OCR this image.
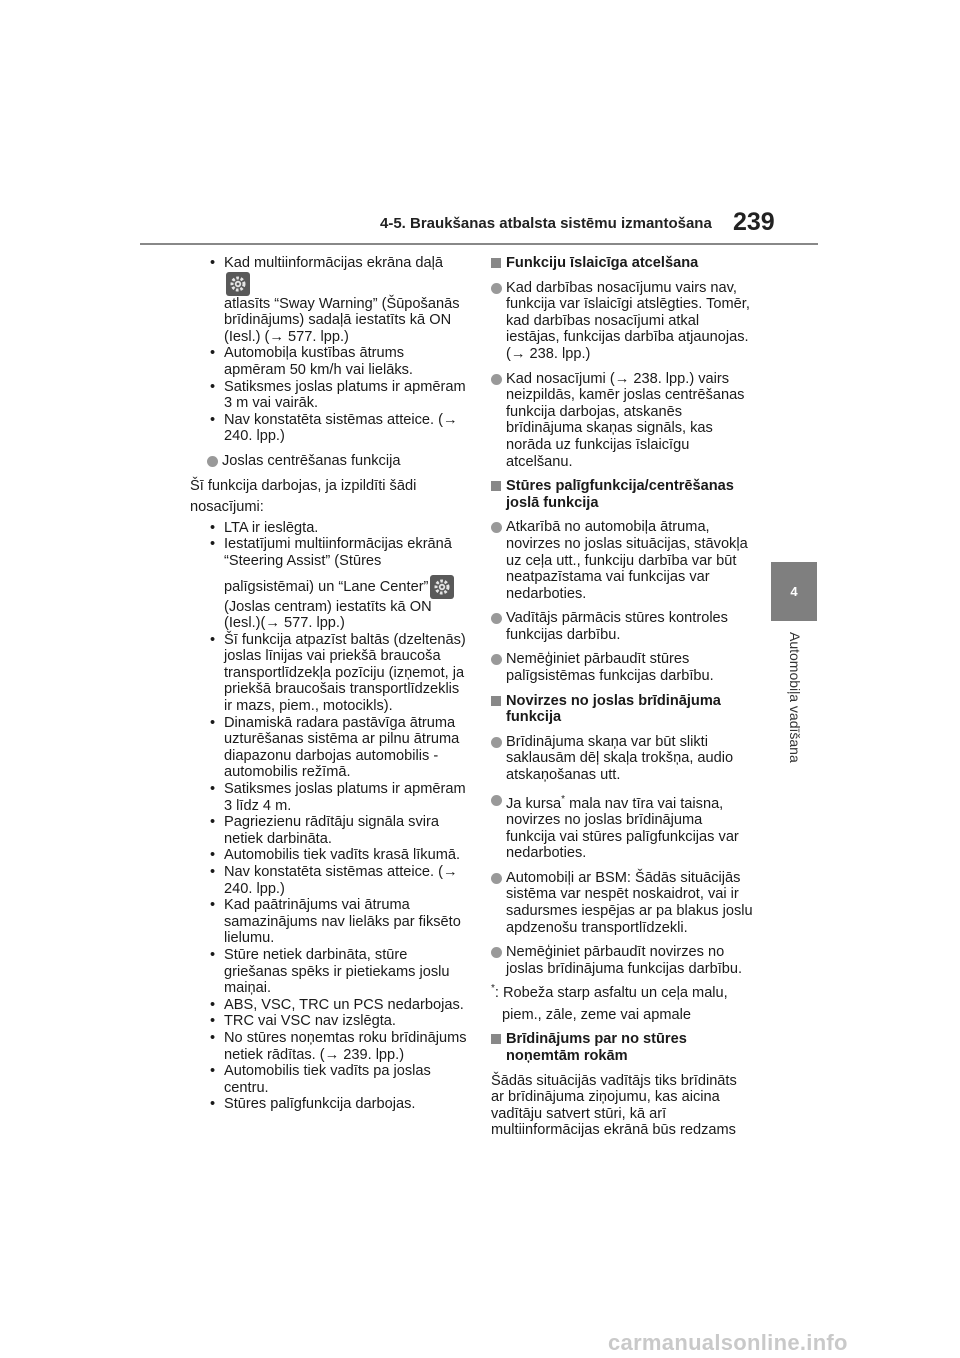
4-5. Braukšanas atbalsta sistēmu izmantošana 239
4
Automobiļa vadīšana
• Kad multiinformācijas ekrāna daļā
atlasīts “Sway Warning” (Šūpošanās
brīdinājums) sadaļā iestatīts kā ON
(Iesl.) (→ 577. lpp.)
• Automobiļa kustības ātrums apmēram 50 km/h vai lielāks.
• Satiksmes joslas platums ir apmēram 3 m vai vairāk.
• Nav konstatēta sistēmas atteice. (→ 240. lpp.)
Joslas centrēšanas funkcija
Šī funkcija darbojas, ja izpildīti šādi
nosacījumi:
• LTA ir ieslēgta.
• Iestatījumi multiinformācijas ekrānā “Steering Assist” (Stūres
palīgsistēmai) un “Lane Center”
(Joslas centram) iestatīts kā ON (Iesl.)(→ 577. lpp.)
• Šī funkcija atpazīst baltās (dzeltenās) joslas līnijas vai priekšā braucoša transportlīdzekļa pozīciju (izņemot, ja priekšā braucošais transportlīdzeklis ir mazs, piem., motocikls).
• Dinamiskā radara pastāvīga ātruma uzturēšanas sistēma ar pilnu ātruma diapazonu darbojas automobilis - automobilis režīmā.
• Satiksmes joslas platums ir apmēram 3 līdz 4 m.
• Pagriezienu rādītāju signāla svira netiek darbināta.
• Automobilis tiek vadīts krasā līkumā.
• Nav konstatēta sistēmas atteice. (→ 240. lpp.)
• Kad paātrinājums vai ātruma samazinājums nav lielāks par fiksēto lielumu.
• Stūre netiek darbināta, stūre griešanas spēks ir pietiekams joslu maiņai.
• ABS, VSC, TRC un PCS nedarbojas.
• TRC vai VSC nav izslēgta.
• No stūres noņemtas roku brīdinājums netiek rādītas. (→ 239. lpp.)
• Automobilis tiek vadīts pa joslas centru.
• Stūres palīgfunkcija darbojas.
Funkciju īslaicīga atcelšana
Kad darbības nosacījumu vairs nav, funkcija var īslaicīgi atslēgties. Tomēr, kad darbības nosacījumi atkal iestājas, funkcijas darbība atjaunojas. (→ 238. lpp.)
Kad nosacījumi (→ 238. lpp.) vairs neizpildās, kamēr joslas centrēšanas funkcija darbojas, atskanēs brīdinājuma skaņas signāls, kas norāda uz funkcijas īslaicīgu atcelšanu.
Stūres palīgfunkcija/centrēšanas joslā funkcija
Atkarībā no automobiļa ātruma, novirzes no joslas situācijas, stāvokļa uz ceļa utt., funkciju darbība var būt neatpazīstama vai funkcijas var nedarboties.
Vadītājs pārmācis stūres kontroles funkcijas darbību.
Nemēģiniet pārbaudīt stūres palīgsistēmas funkcijas darbību.
Novirzes no joslas brīdinājuma funkcija
Brīdinājuma skaņa var būt slikti saklausām dēļ skaļa trokšņa, audio atskaņošanas utt.
Ja kursa* mala nav tīra vai taisna, novirzes no joslas brīdinājuma funkcija vai stūres palīgfunkcijas var nedarboties.
Automobiļi ar BSM: Šādās situācijās sistēma var nespēt noskaidrot, vai ir sadursmes iespējas ar pa blakus joslu apdzenošu transportlīdzekli.
Nemēģiniet pārbaudīt novirzes no joslas brīdinājuma funkcijas darbību.
*: Robeža starp asfaltu un ceļa malu,
piem., zāle, zeme vai apmale
Brīdinājums par no stūres noņemtām rokām
Šādās situācijās vadītājs tiks brīdināts ar brīdinājuma ziņojumu, kas aicina vadītāju satvert stūri, kā arī multiinformācijas ekrānā būs redzams
carmanualsonline.info
